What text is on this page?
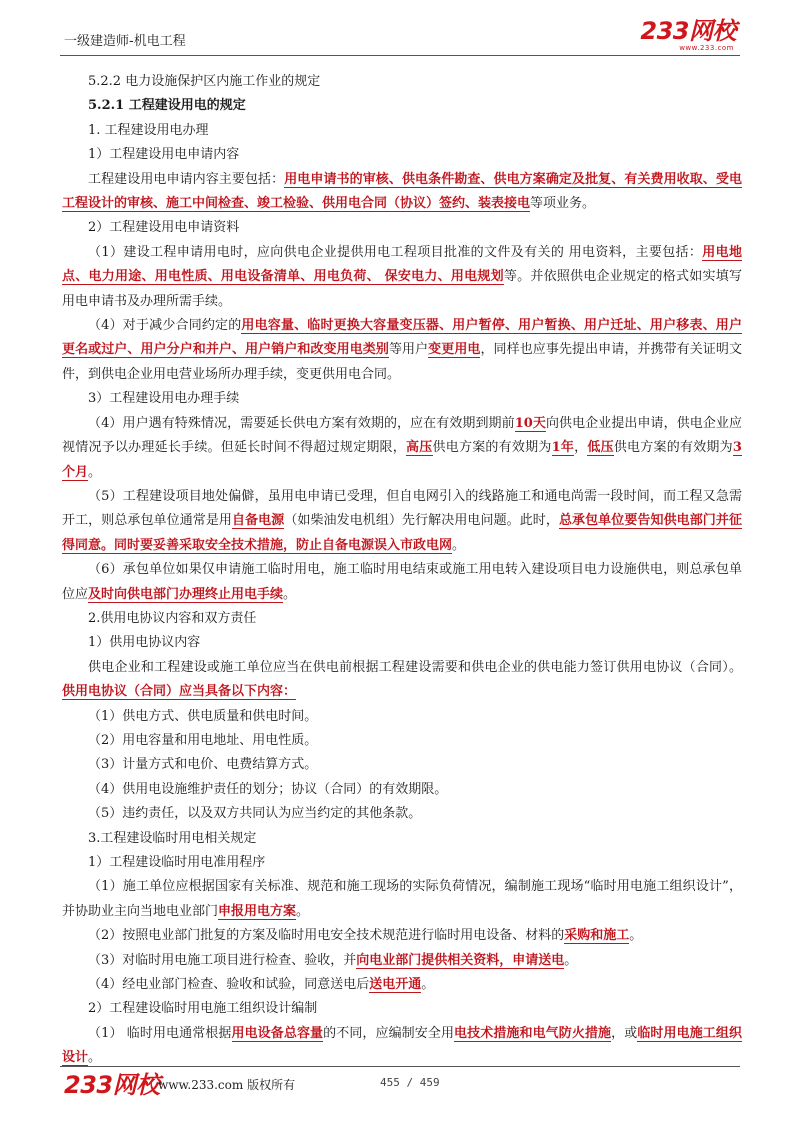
一级建造师-机电工程	233网校
www.233.com

5.2.2 电力设施保护区内施工作业的规定

5.2.1 工程建设用电的规定

1. 工程建设用电办理

1）工程建设用电申请内容

工程建设用电申请内容主要包括：用电申请书的审核、供电条件勘查、供电方案确定及批复、有关费用收取、受电工程设计的审核、施工中间检查、竣工检验、供用电合同（协议）签约、装表接电等项业务。

2）工程建设用电申请资料

（1）建设工程申请用电时，应向供电企业提供用电工程项目批准的文件及有关的 用电资料，主要包括：用电地点、电力用途、用电性质、用电设备清单、用电负荷、 保安电力、用电规划等。并依照供电企业规定的格式如实填写用电申请书及办理所需手续。

（4）对于减少合同约定的用电容量、临时更换大容量变压器、用户暂停、用户暂换、用户迁址、用户移表、用户更名或过户、用户分户和并户、用户销户和改变用电类别等用户变更用电，同样也应事先提出申请，并携带有关证明文件，到供电企业用电营业场所办理手续，变更供用电合同。

3）工程建设用电办理手续

（4）用户遇有特殊情况，需要延长供电方案有效期的，应在有效期到期前10天向供电企业提出申请，供电企业应视情况予以办理延长手续。但延长时间不得超过规定期限，高压供电方案的有效期为1年，低压供电方案的有效期为3个月。

（5）工程建设项目地处偏僻，虽用电申请已受理，但自电网引入的线路施工和通电尚需一段时间，而工程又急需开工，则总承包单位通常是用自备电源（如柴油发电机组）先行解决用电问题。此时，总承包单位要告知供电部门并征得同意。同时要妥善采取安全技术措施，防止自备电源误入市政电网。

（6）承包单位如果仅申请施工临时用电，施工临时用电结束或施工用电转入建设项目电力设施供电，则总承包单位应及时向供电部门办理终止用电手续。

2.供用电协议内容和双方责任

1）供用电协议内容

供电企业和工程建设或施工单位应当在供电前根据工程建设需要和供电企业的供电能力签订供用电协议（合同）。供用电协议（合同）应当具备以下内容：

（1）供电方式、供电质量和供电时间。

（2）用电容量和用电地址、用电性质。

（3）计量方式和电价、电费结算方式。

（4）供用电设施维护责任的划分；协议（合同）的有效期限。

（5）违约责任，以及双方共同认为应当约定的其他条款。

3.工程建设临时用电相关规定

1）工程建设临时用电准用程序

（1）施工单位应根据国家有关标准、规范和施工现场的实际负荷情况，编制施工现场“临时用电施工组织设计”，并协助业主向当地电业部门申报用电方案。

（2）按照电业部门批复的方案及临时用电安全技术规范进行临时用电设备、材料的采购和施工。

（3）对临时用电施工项目进行检查、验收，并向电业部门提供相关资料，申请送电。

（4）经电业部门检查、验收和试验，同意送电后送电开通。

2）工程建设临时用电施工组织设计编制

（1） 临时用电通常根据用电设备总容量的不同，应编制安全用电技术措施和电气防火措施，或临时用电施工组织设计。

233网校
www.233.com 版权所有	455 / 459
